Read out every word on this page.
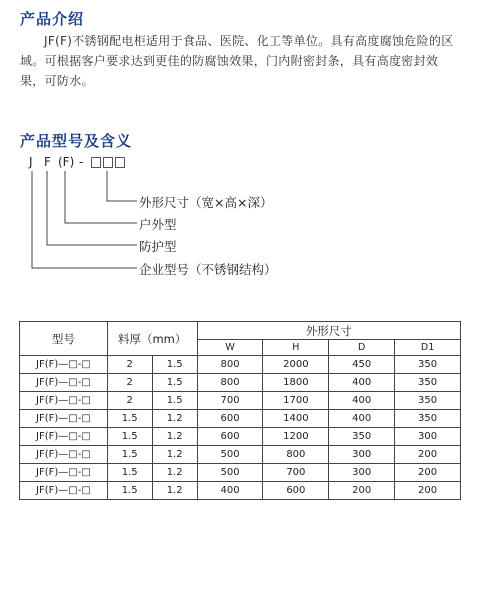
产品介绍
JF(F)不锈钢配电柜适用于食品、医院、化工等单位。具有高度腐蚀危险的区域。可根据客户要求达到更佳的防腐蚀效果，门内附密封条，具有高度密封效果，可防水。
产品型号及含义
J F (F) -
外形尺寸（宽×高×深）
户外型
防护型
企业型号（不锈钢结构）
型号	料厚（mm）		外形尺寸			
			W	H	D	D1
JF(F)—□-□	2	1.5	800	2000	450	350
JF(F)—□-□	2	1.5	800	1800	400	350
JF(F)—□-□	2	1.5	700	1700	400	350
JF(F)—□-□	1.5	1.2	600	1400	400	350
JF(F)—□-□	1.5	1.2	600	1200	350	300
JF(F)—□-□	1.5	1.2	500	800	300	200
JF(F)—□-□	1.5	1.2	500	700	300	200
JF(F)—□-□	1.5	1.2	400	600	200	200
